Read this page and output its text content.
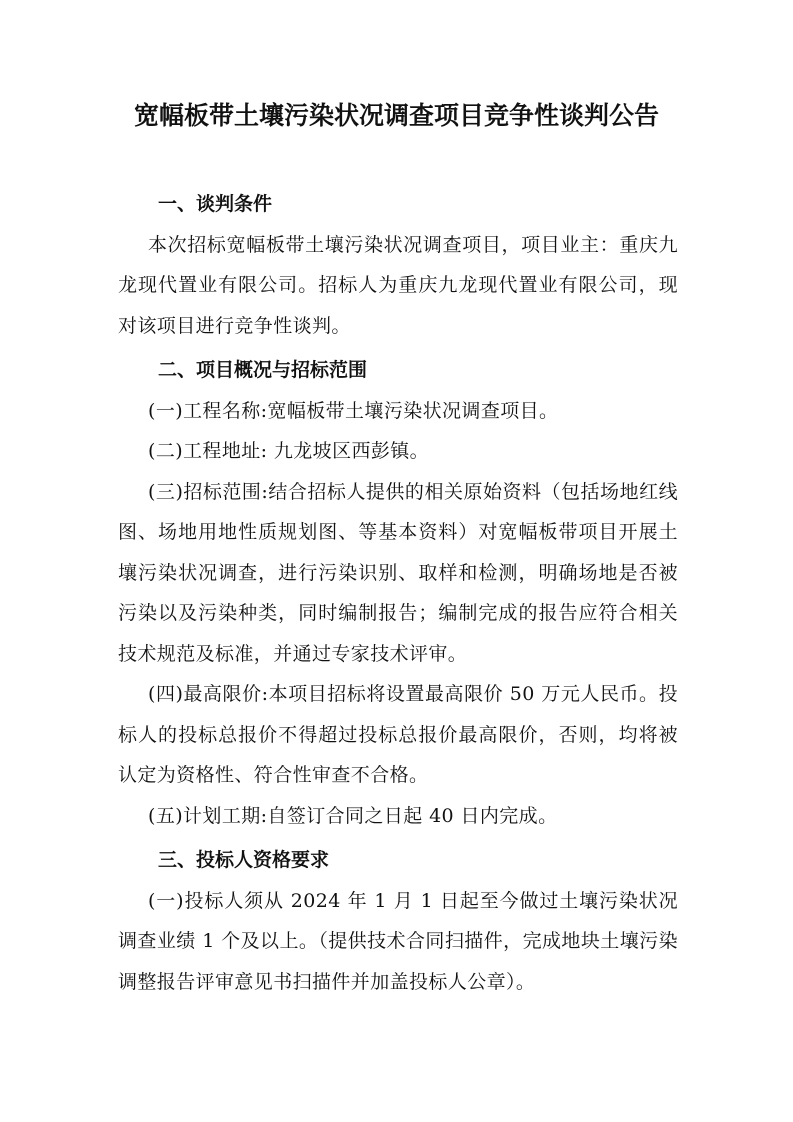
宽幅板带土壤污染状况调查项目竞争性谈判公告
一、谈判条件
本次招标宽幅板带土壤污染状况调查项目，项目业主：重庆九龙现代置业有限公司。招标人为重庆九龙现代置业有限公司，现对该项目进行竞争性谈判。
二、项目概况与招标范围
(一)工程名称:宽幅板带土壤污染状况调查项目。
(二)工程地址: 九龙坡区西彭镇。
(三)招标范围:结合招标人提供的相关原始资料（包括场地红线图、场地用地性质规划图、等基本资料）对宽幅板带项目开展土壤污染状况调查，进行污染识别、取样和检测，明确场地是否被污染以及污染种类，同时编制报告；编制完成的报告应符合相关技术规范及标准，并通过专家技术评审。
(四)最高限价:本项目招标将设置最高限价 50 万元人民币。投标人的投标总报价不得超过投标总报价最高限价，否则，均将被认定为资格性、符合性审查不合格。
(五)计划工期:自签订合同之日起 40 日内完成。
三、投标人资格要求
(一)投标人须从 2024 年 1 月 1 日起至今做过土壤污染状况调查业绩 1 个及以上。（提供技术合同扫描件，完成地块土壤污染调整报告评审意见书扫描件并加盖投标人公章）。
